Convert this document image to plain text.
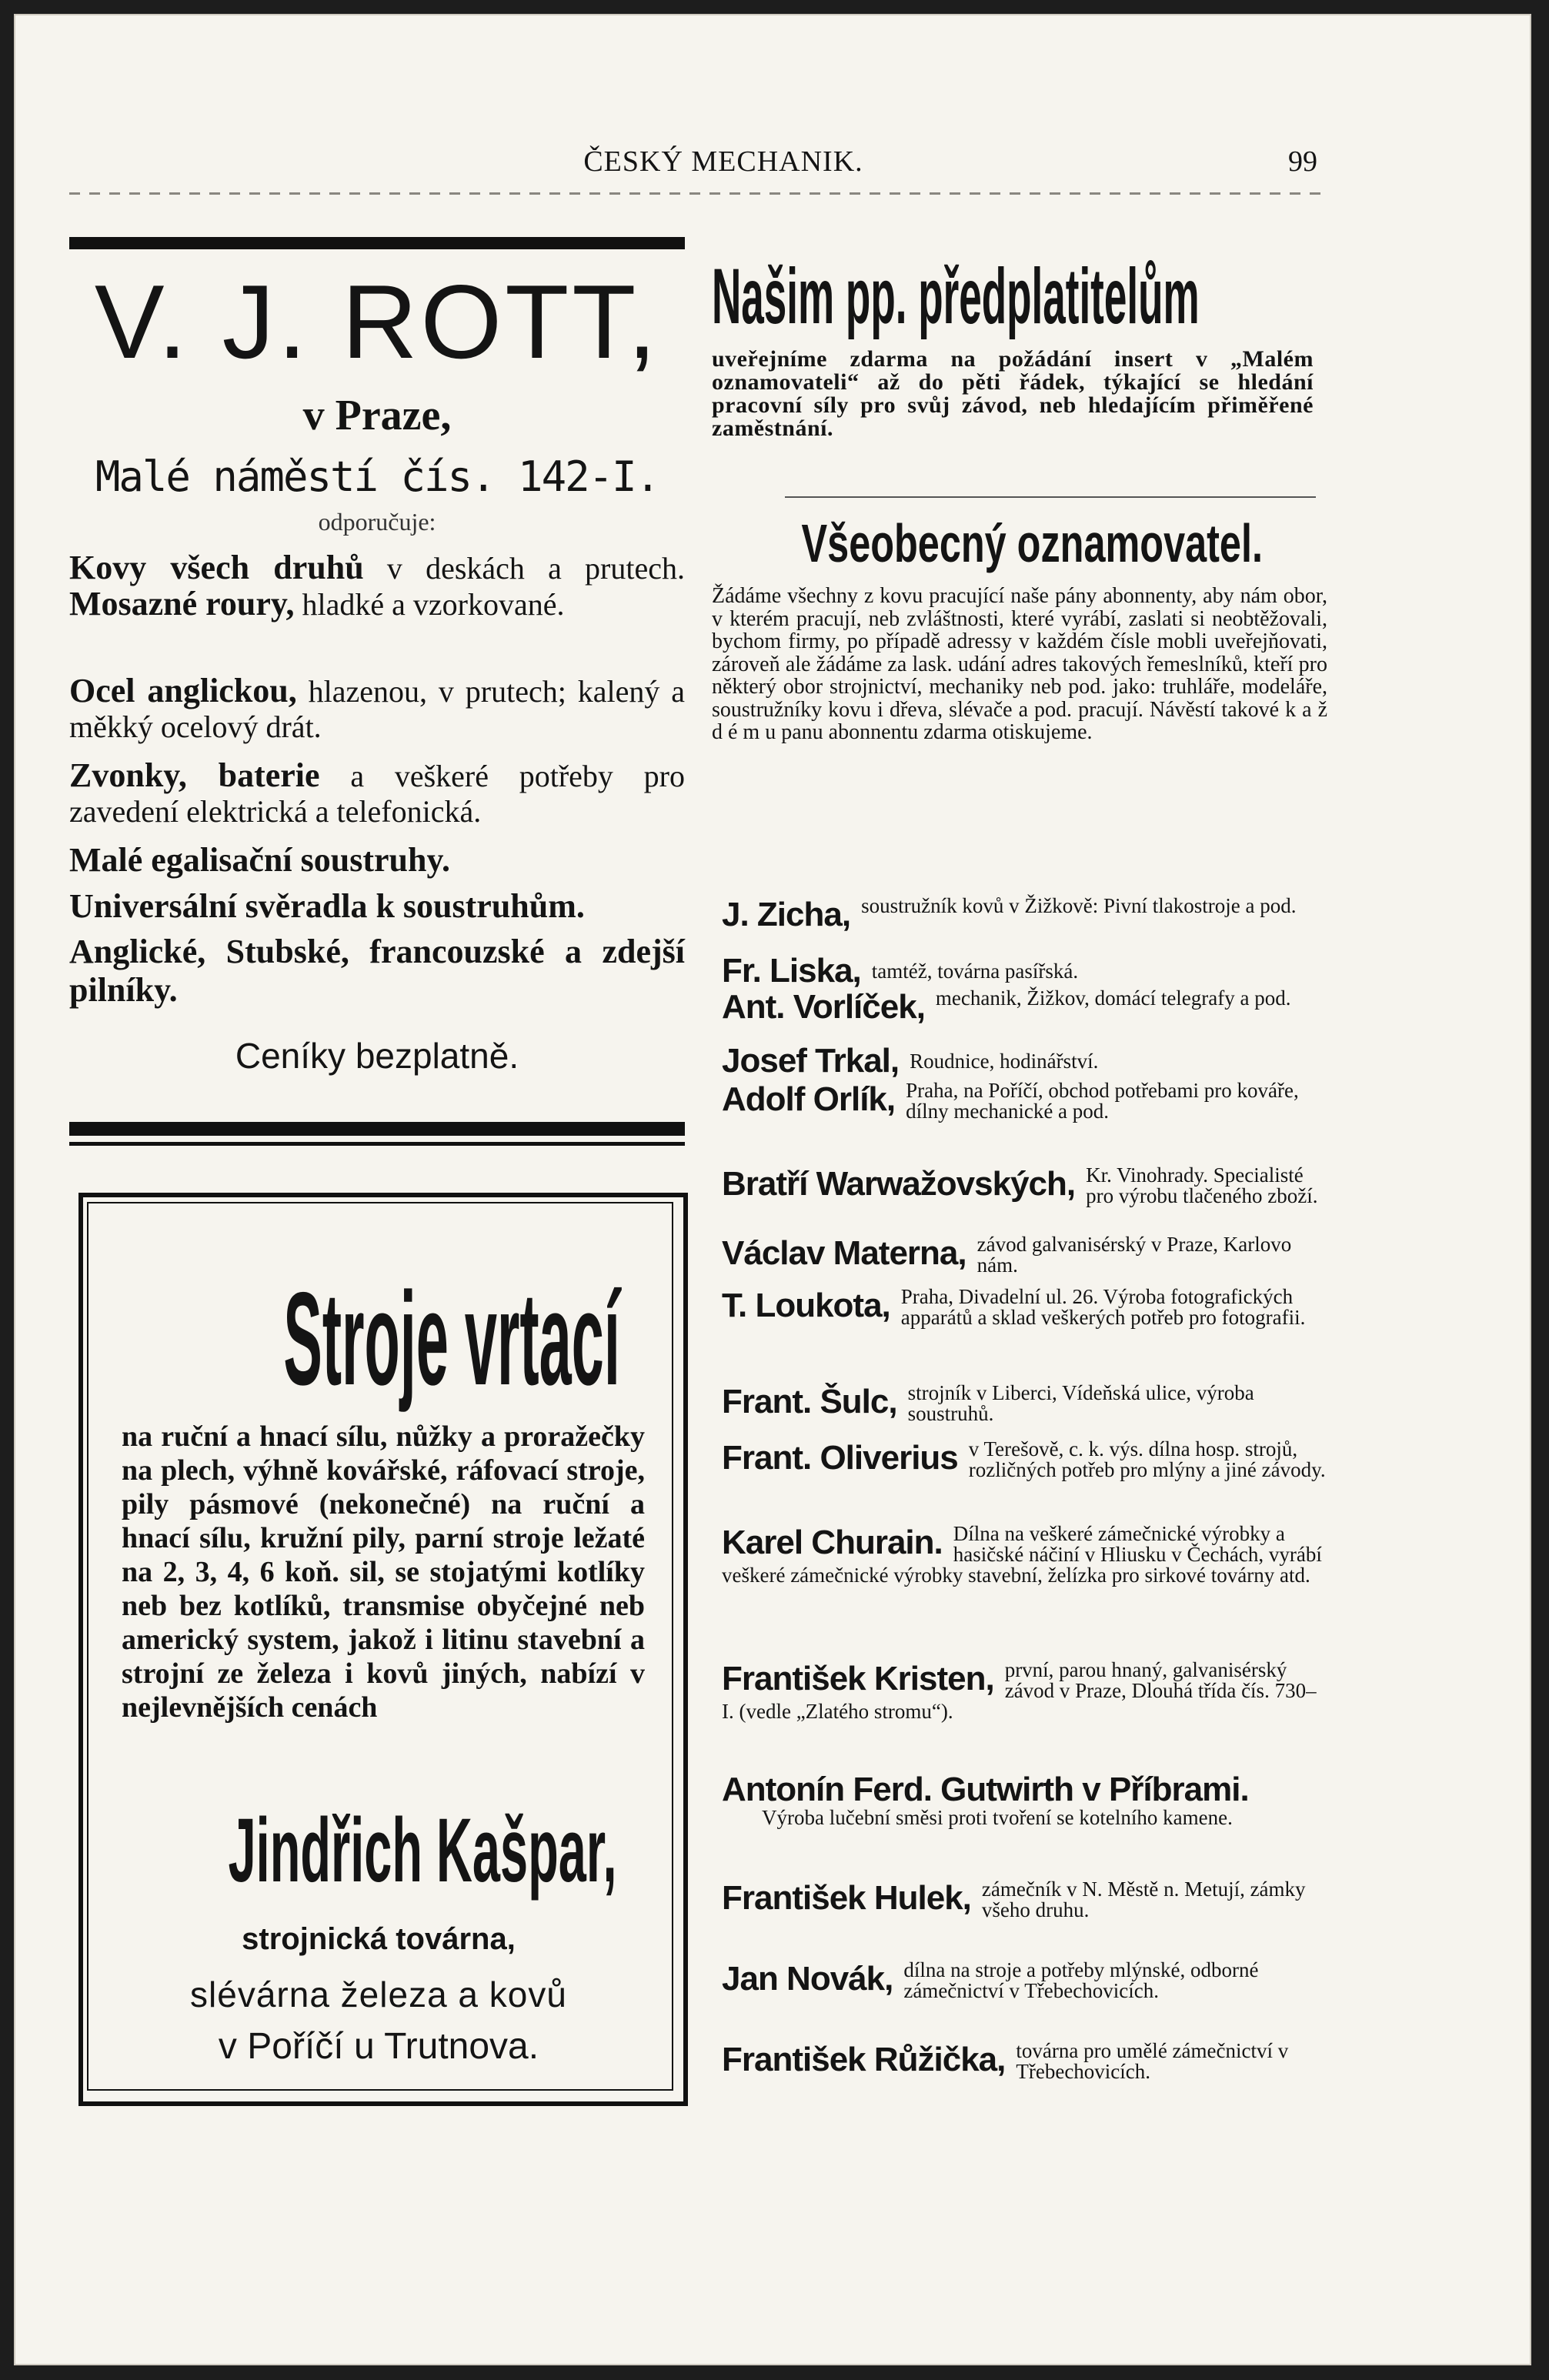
ČESKÝ MECHANIK.	99
V. J. ROTT,
v Praze,
Malé náměstí čís. 142-I.
odporučuje:
Kovy všech druhů v deskách a prutech. Mosazné roury, hladké a vzorkované.
Ocel anglickou, hlazenou, v prutech; kalený a měkký ocelový drát.
Zvonky, baterie a veškeré potřeby pro zavedení elektrická a telefonická.
Malé egalisační soustruhy.
Universální svěradla k soustruhům.
Anglické, Stubské, francouzské a zdejší pilníky.
Ceníky bezplatně.
Stroje vrtací
na ruční a hnací sílu, nůžky a proražečky na plech, výhně kovářské, ráfovací stroje, pily pásmové (nekonečné) na ruční a hnací sílu, kružní pily, parní stroje ležaté na 2, 3, 4, 6 koň. sil, se stojatými kotlíky neb bez kotlíků, transmise obyčejné neb americký system, jakož i litinu stavební a strojní ze železa i kovů jiných, nabízí v nejlevnějších cenách
Jindřich Kašpar,
strojnická továrna,
slévárna železa a kovů
v Poříčí u Trutnova.
Našim pp. předplatitelům
uveřejníme zdarma na požádání insert v „Malém oznamovateli“ až do pěti řádek, týkající se hledání pracovní síly pro svůj závod, neb hledajícím přiměřené zaměstnání.
Všeobecný oznamovatel.
Žádáme všechny z kovu pracující naše pány abonnenty, aby nám obor, v kterém pracují, neb zvláštnosti, které vyrábí, zaslati si neobtěžovali, bychom firmy, po případě adressy v každém čísle mobli uveřejňovati, zároveň ale žádáme za lask. udání adres takových řemeslníků, kteří pro některý obor strojnictví, mechaniky neb pod. jako: truhláře, modeláře, soustružníky kovu i dřeva, slévače a pod. pracují. Návěstí takové k a ž d é m u panu abonnentu zdarma otiskujeme.
J. Zicha, soustružník kovů v Žižkově: Pivní tlakostroje a pod.
Fr. Liska, tamtéž, továrna pasířská.
Ant. Vorlíček, mechanik, Žižkov, domácí telegrafy a pod.
Josef Trkal, Roudnice, hodinářství.
Adolf Orlík, Praha, na Poříčí, obchod potřebami pro kováře, dílny mechanické a pod.
Bratří Warwažovských, Kr. Vinohrady. Specialisté pro výrobu tlačeného zboží.
Václav Materna, závod galvanisérský v Praze, Karlovo nám.
T. Loukota, Praha, Divadelní ul. 26. Výroba fotografických apparátů a sklad veškerých potřeb pro fotografii.
Frant. Šulc, strojník v Liberci, Vídeňská ulice, výroba soustruhů.
Frant. Oliverius v Terešově, c. k. výs. dílna hosp. strojů, rozličných potřeb pro mlýny a jiné závody.
Karel Churain. Dílna na veškeré zámečnické výrobky a hasičské náčiní v Hliusku v Čechách, vyrábí veškeré zámečnické výrobky stavební, želízka pro sirkové továrny atd.
František Kristen, první, parou hnaný, galvanisérský závod v Praze, Dlouhá třída čís. 730–I. (vedle „Zlatého stromu“).
Antonín Ferd. Gutwirth v Příbrami.
Výroba lučební směsi proti tvoření se kotelního kamene.
František Hulek, zámečník v N. Městě n. Metují, zámky všeho druhu.
Jan Novák, dílna na stroje a potřeby mlýnské, odborné zámečnictví v Třebechovicích.
František Růžička, továrna pro umělé zámečnictví v Třebechovicích.
